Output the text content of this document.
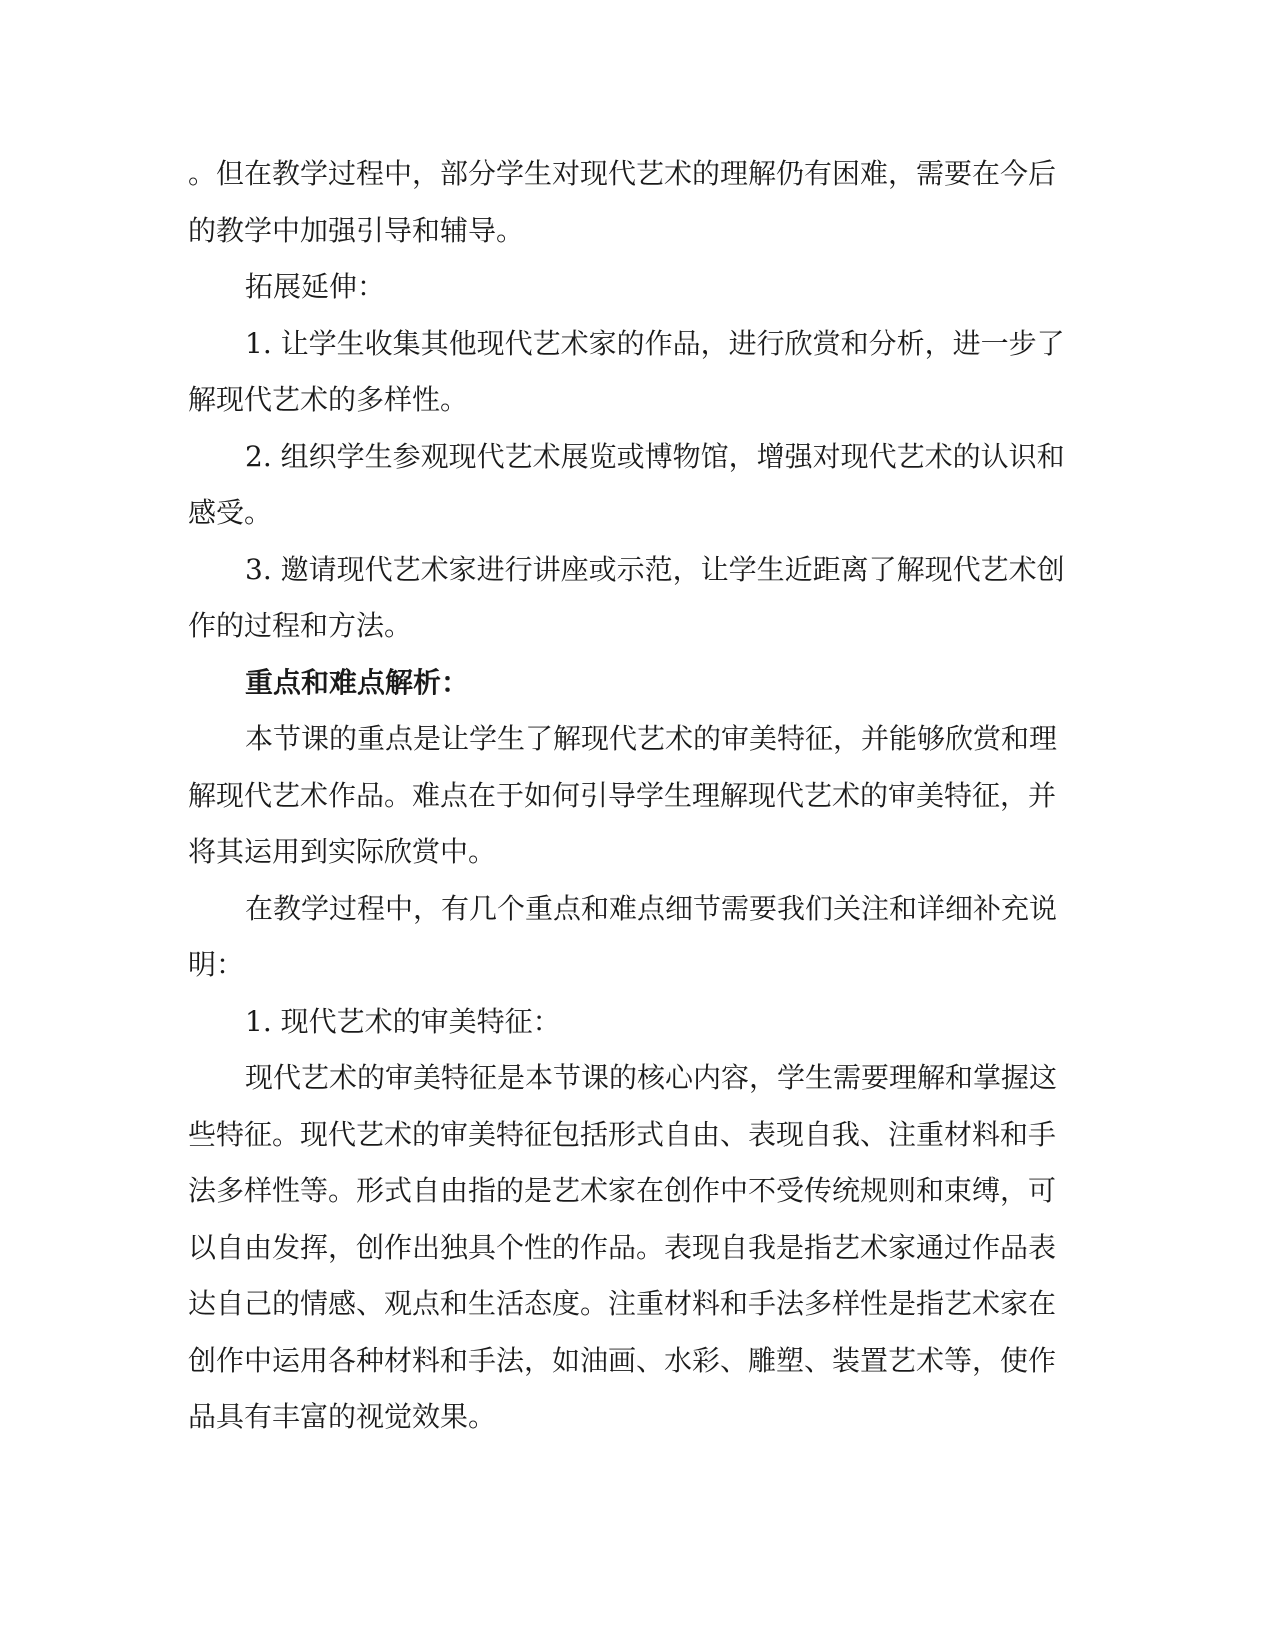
。但在教学过程中，部分学生对现代艺术的理解仍有困难，需要在今后的教学中加强引导和辅导。

拓展延伸：

1. 让学生收集其他现代艺术家的作品，进行欣赏和分析，进一步了解现代艺术的多样性。

2. 组织学生参观现代艺术展览或博物馆，增强对现代艺术的认识和感受。

3. 邀请现代艺术家进行讲座或示范，让学生近距离了解现代艺术创作的过程和方法。

重点和难点解析：

本节课的重点是让学生了解现代艺术的审美特征，并能够欣赏和理解现代艺术作品。难点在于如何引导学生理解现代艺术的审美特征，并将其运用到实际欣赏中。

在教学过程中，有几个重点和难点细节需要我们关注和详细补充说明：

1. 现代艺术的审美特征：

现代艺术的审美特征是本节课的核心内容，学生需要理解和掌握这些特征。现代艺术的审美特征包括形式自由、表现自我、注重材料和手法多样性等。形式自由指的是艺术家在创作中不受传统规则和束缚，可以自由发挥，创作出独具个性的作品。表现自我是指艺术家通过作品表达自己的情感、观点和生活态度。注重材料和手法多样性是指艺术家在创作中运用各种材料和手法，如油画、水彩、雕塑、装置艺术等，使作品具有丰富的视觉效果。
